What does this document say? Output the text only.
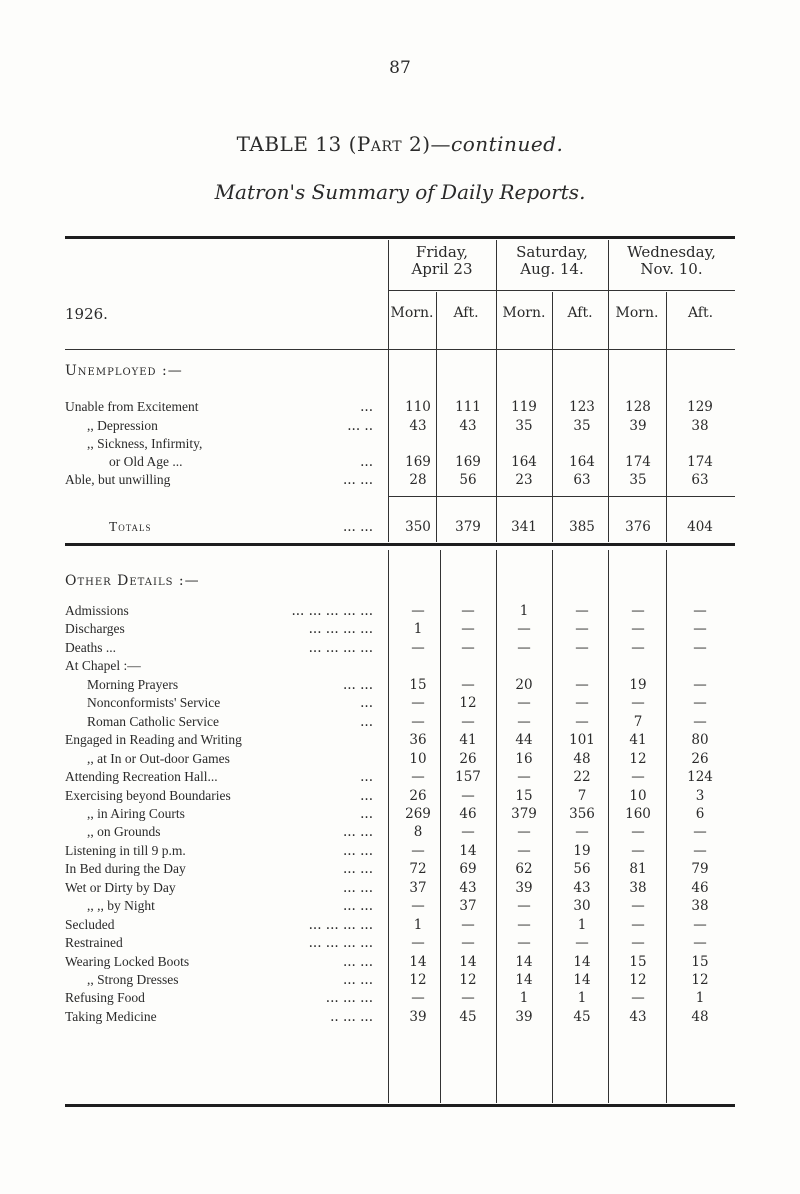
87
TABLE 13 (Part 2)—continued.
Matron's Summary of Daily Reports.
1926.
Friday,
April 23
Saturday,
Aug. 14.
Wednesday,
Nov. 10.
Morn.	Aft.	Morn.	Aft.	Morn.	Aft.
Unemployed :—
Unable from Excitement	...	110	111	119	123	128	129
,, Depression	... ..	43	43	35	35	39	38
,, Sickness, Infirmity,
or Old Age ...	...	169	169	164	164	174	174
Able, but unwilling	... ...	28	56	23	63	35	63
Totals	... ...	350	379	341	385	376	404
Other Details :—
Admissions	... ... ... ... ...	—	—	1	—	—	—
Discharges	... ... ... ...	1	—	—	—	—	—
Deaths ...	... ... ... ...	—	—	—	—	—	—
At Chapel :—
Morning Prayers	... ...	15	—	20	—	19	—
Nonconformists' Service	...	—	12	—	—	—	—
Roman Catholic Service	...	—	—	—	—	7	—
Engaged in Reading and Writing	36	41	44	101	41	80
,, at In or Out-door Games	10	26	16	48	12	26
Attending Recreation Hall...	...	—	157	—	22	—	124
Exercising beyond Boundaries	...	26	—	15	7	10	3
,, in Airing Courts	...	269	46	379	356	160	6
,, on Grounds	... ...	8	—	—	—	—	—
Listening in till 9 p.m.	... ...	—	14	—	19	—	—
In Bed during the Day	... ...	72	69	62	56	81	79
Wet or Dirty by Day	... ...	37	43	39	43	38	46
,, ,, by Night	... ...	—	37	—	30	—	38
Secluded	... ... ... ...	1	—	—	1	—	—
Restrained	... ... ... ...	—	—	—	—	—	—
Wearing Locked Boots	... ...	14	14	14	14	15	15
,, Strong Dresses	... ...	12	12	14	14	12	12
Refusing Food	... ... ...	—	—	1	1	—	1
Taking Medicine	.. ... ...	39	45	39	45	43	48
